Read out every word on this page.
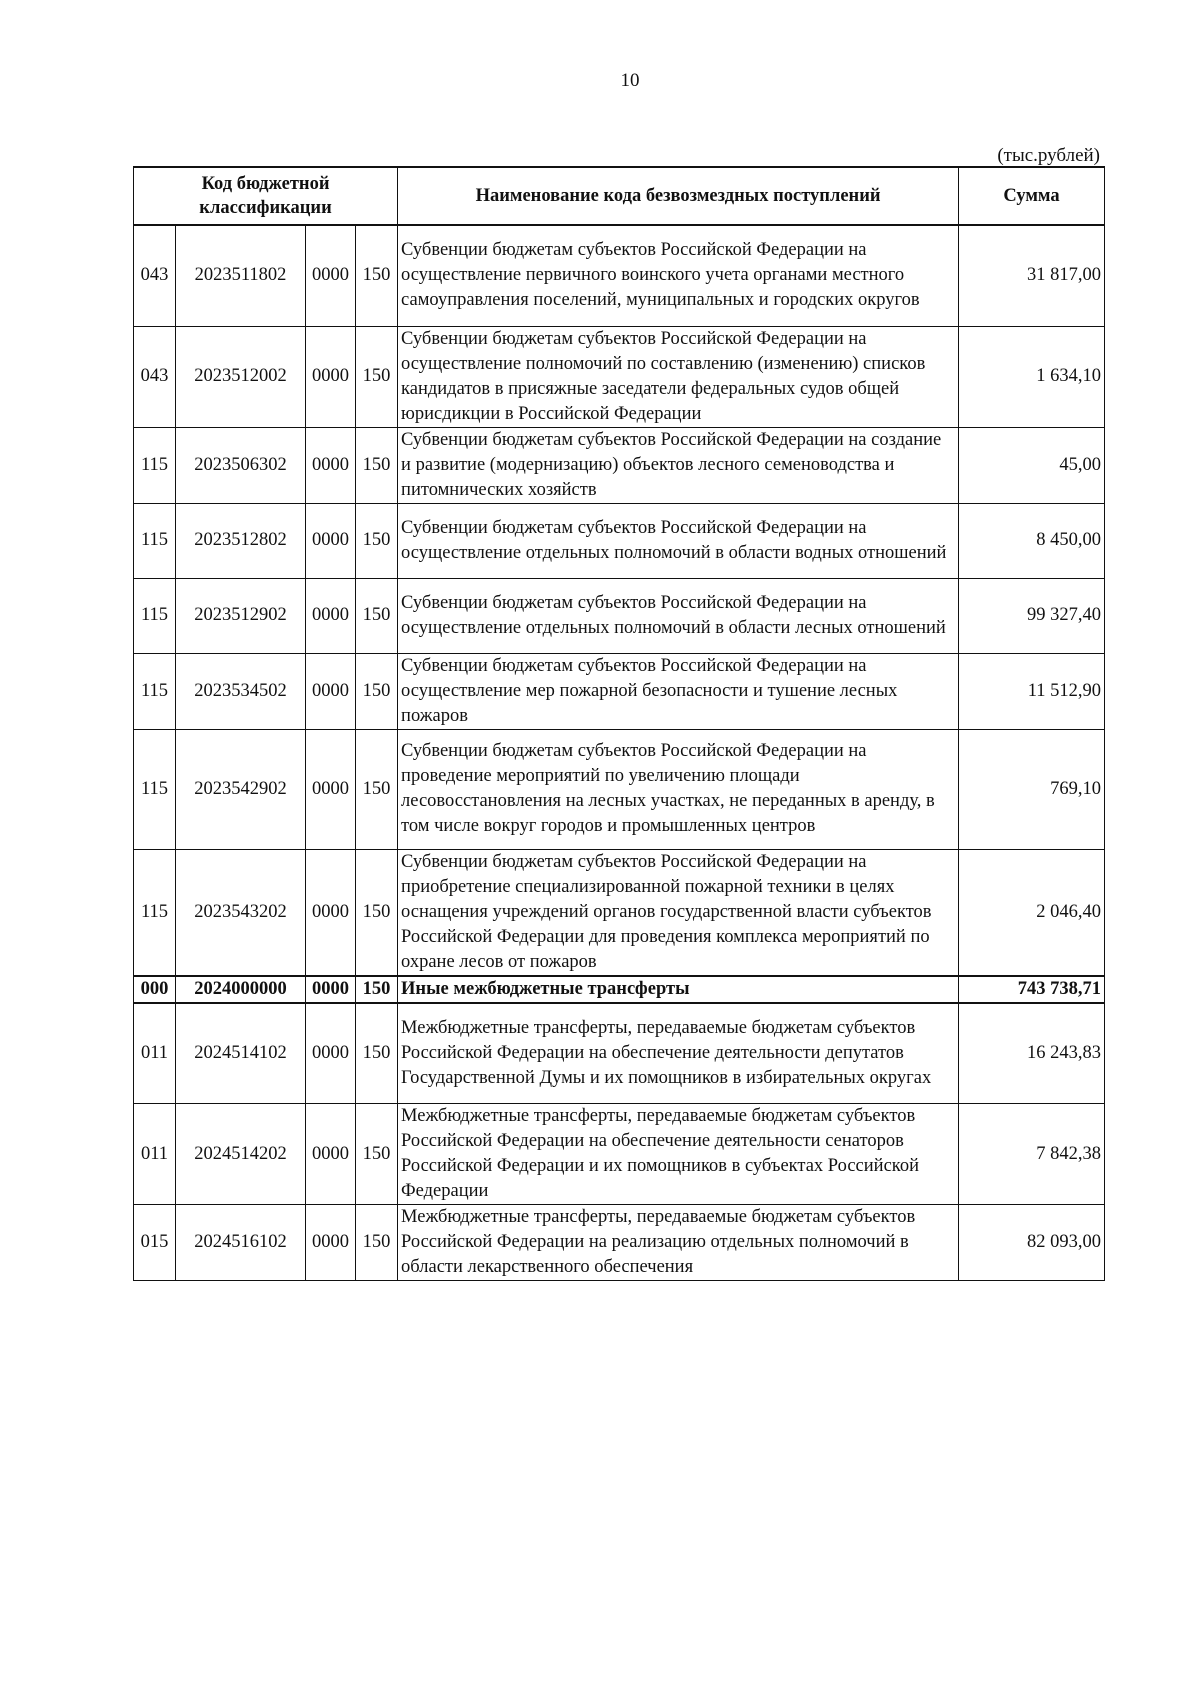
10
(тыс.рублей)
Код бюджетной классификации				Наименование кода безвозмездных поступлений	Сумма
043	2023511802	0000	150	Субвенции бюджетам субъектов Российской Федерации на осуществление первичного воинского учета органами местного самоуправления поселений, муниципальных и городских округов	31 817,00
043	2023512002	0000	150	Субвенции бюджетам субъектов Российской Федерации на осуществление полномочий по составлению (изменению) списков кандидатов в присяжные заседатели федеральных судов общей юрисдикции в Российской Федерации	1 634,10
115	2023506302	0000	150	Субвенции бюджетам субъектов Российской Федерации на создание и развитие (модернизацию) объектов лесного семеноводства и питомнических хозяйств	45,00
115	2023512802	0000	150	Субвенции бюджетам субъектов Российской Федерации на осуществление отдельных полномочий в области водных отношений	8 450,00
115	2023512902	0000	150	Субвенции бюджетам субъектов Российской Федерации на осуществление отдельных полномочий в области лесных отношений	99 327,40
115	2023534502	0000	150	Субвенции бюджетам субъектов Российской Федерации на осуществление мер пожарной безопасности и тушение лесных пожаров	11 512,90
115	2023542902	0000	150	Субвенции бюджетам субъектов Российской Федерации на проведение мероприятий по увеличению площади лесовосстановления на лесных участках, не переданных в аренду, в том числе вокруг городов и промышленных центров	769,10
115	2023543202	0000	150	Субвенции бюджетам субъектов Российской Федерации на приобретение специализированной пожарной техники в целях оснащения учреждений органов государственной власти субъектов Российской Федерации для проведения комплекса мероприятий по охране лесов от пожаров	2 046,40
000	2024000000	0000	150	Иные межбюджетные трансферты	743 738,71
011	2024514102	0000	150	Межбюджетные трансферты, передаваемые бюджетам субъектов Российской Федерации на обеспечение деятельности депутатов Государственной Думы и их помощников в избирательных округах	16 243,83
011	2024514202	0000	150	Межбюджетные трансферты, передаваемые бюджетам субъектов Российской Федерации на обеспечение деятельности сенаторов Российской Федерации и их помощников в субъектах Российской Федерации	7 842,38
015	2024516102	0000	150	Межбюджетные трансферты, передаваемые бюджетам субъектов Российской Федерации на реализацию отдельных полномочий в области лекарственного обеспечения	82 093,00
